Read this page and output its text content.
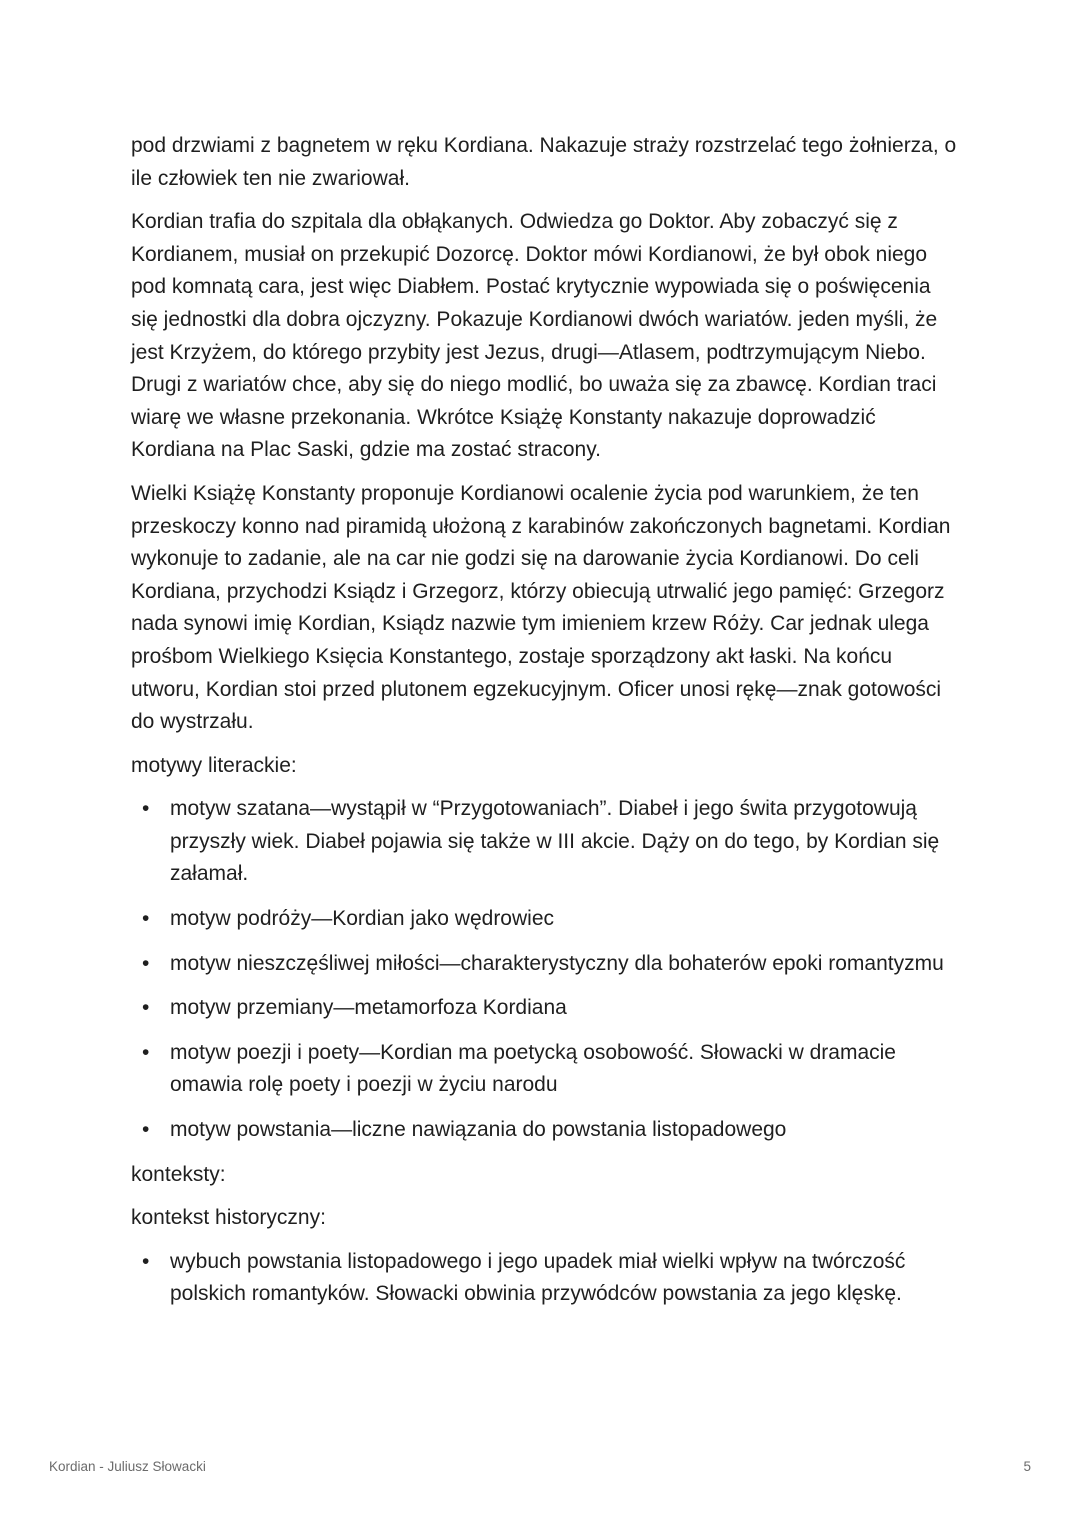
pod drzwiami z bagnetem w ręku Kordiana. Nakazuje straży rozstrzelać tego żołnierza, o ile człowiek ten nie zwariował.

Kordian trafia do szpitala dla obłąkanych. Odwiedza go Doktor. Aby zobaczyć się z Kordianem, musiał on przekupić Dozorcę. Doktor mówi Kordianowi, że był obok niego pod komnatą cara, jest więc Diabłem. Postać krytycznie wypowiada się o poświęcenia się jednostki dla dobra ojczyzny. Pokazuje Kordianowi dwóch wariatów. jeden myśli, że jest Krzyżem, do którego przybity jest Jezus, drugi—Atlasem, podtrzymującym Niebo. Drugi z wariatów chce, aby się do niego modlić, bo uważa się za zbawcę. Kordian traci wiarę we własne przekonania. Wkrótce Książę Konstanty nakazuje doprowadzić Kordiana na Plac Saski, gdzie ma zostać stracony.

Wielki Książę Konstanty proponuje Kordianowi ocalenie życia pod warunkiem, że ten przeskoczy konno nad piramidą ułożoną z karabinów zakończonych bagnetami. Kordian wykonuje to zadanie, ale na car nie godzi się na darowanie życia Kordianowi. Do celi Kordiana, przychodzi Ksiądz i Grzegorz, którzy obiecują utrwalić jego pamięć: Grzegorz nada synowi imię Kordian, Ksiądz nazwie tym imieniem krzew Róży. Car jednak ulega prośbom Wielkiego Księcia Konstantego, zostaje sporządzony akt łaski. Na końcu utworu, Kordian stoi przed plutonem egzekucyjnym. Oficer unosi rękę—znak gotowości do wystrzału.

motywy literackie:

• motyw szatana—wystąpił w “Przygotowaniach”. Diabeł i jego świta przygotowują przyszły wiek. Diabeł pojawia się także w III akcie. Dąży on do tego, by Kordian się załamał.
• motyw podróży—Kordian jako wędrowiec
• motyw nieszczęśliwej miłości—charakterystyczny dla bohaterów epoki romantyzmu
• motyw przemiany—metamorfoza Kordiana
• motyw poezji i poety—Kordian ma poetycką osobowość. Słowacki w dramacie omawia rolę poety i poezji w życiu narodu
• motyw powstania—liczne nawiązania do powstania listopadowego

konteksty:

kontekst historyczny:

• wybuch powstania listopadowego i jego upadek miał wielki wpływ na twórczość polskich romantyków. Słowacki obwinia przywódców powstania za jego klęskę.
Kordian - Juliusz Słowacki	5
